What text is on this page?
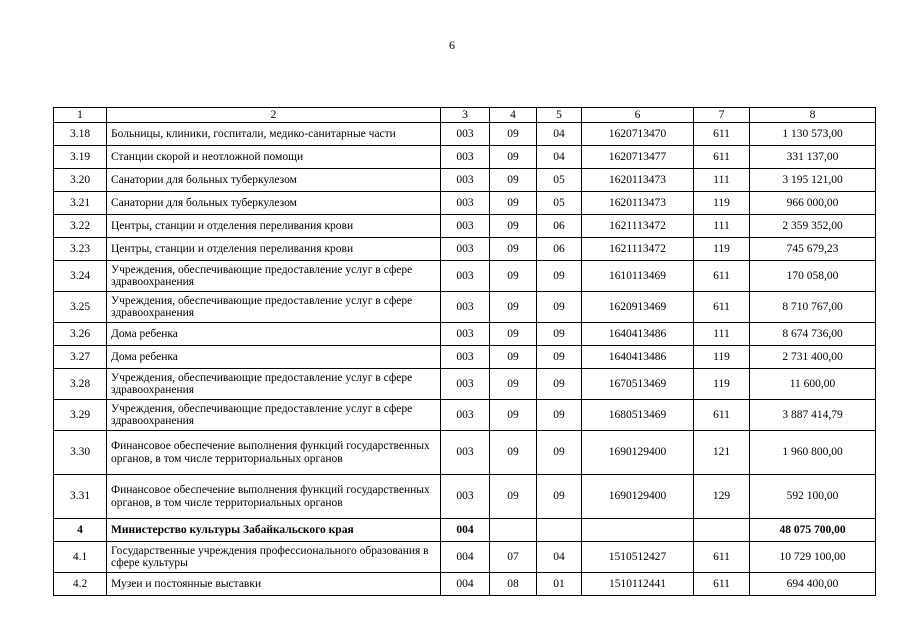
6
1	2	3	4	5	6	7	8
3.18	Больницы, клиники, госпитали, медико-санитарные части	003	09	04	1620713470	611	1 130 573,00
3.19	Станции скорой и неотложной помощи	003	09	04	1620713477	611	331 137,00
3.20	Санатории для больных туберкулезом	003	09	05	1620113473	111	3 195 121,00
3.21	Санатории для больных туберкулезом	003	09	05	1620113473	119	966 000,00
3.22	Центры, станции и отделения переливания крови	003	09	06	1621113472	111	2 359 352,00
3.23	Центры, станции и отделения переливания крови	003	09	06	1621113472	119	745 679,23
3.24	Учреждения, обеспечивающие предоставление услуг в сфере здравоохранения	003	09	09	1610113469	611	170 058,00
3.25	Учреждения, обеспечивающие предоставление услуг в сфере здравоохранения	003	09	09	1620913469	611	8 710 767,00
3.26	Дома ребенка	003	09	09	1640413486	111	8 674 736,00
3.27	Дома ребенка	003	09	09	1640413486	119	2 731 400,00
3.28	Учреждения, обеспечивающие предоставление услуг в сфере здравоохранения	003	09	09	1670513469	119	11 600,00
3.29	Учреждения, обеспечивающие предоставление услуг в сфере здравоохранения	003	09	09	1680513469	611	3 887 414,79
3.30	Финансовое обеспечение выполнения функций государственных органов, в том числе территориальных органов	003	09	09	1690129400	121	1 960 800,00
3.31	Финансовое обеспечение выполнения функций государственных органов, в том числе территориальных органов	003	09	09	1690129400	129	592 100,00
4	Министерство культуры Забайкальского края	004					48 075 700,00
4.1	Государственные учреждения профессионального образования в сфере культуры	004	07	04	1510512427	611	10 729 100,00
4.2	Музеи и постоянные выставки	004	08	01	1510112441	611	694 400,00
